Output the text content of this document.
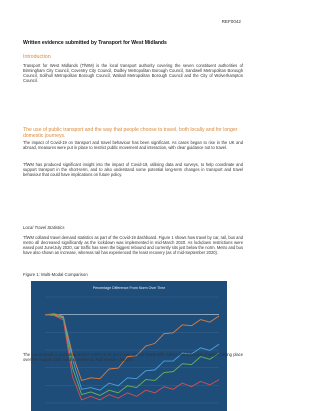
REF0042
Written evidence submitted by Transport for West Midlands
Introduction

Transport for West Midlands (TfWM) is the local transport authority covering the seven constituent authorities of Birmingham City Council, Coventry City Council, Dudley Metropolitan Borough Council, Sandwell Metropolitan Borough Council, Solihull Metropolitan Borough Council, Walsall Metropolitan Borough Council and the City of Wolverhampton Council.

The use of public transport and the way that people choose to travel, both locally and for longer domestic journeys.

The impact of Covid-19 on transport and travel behaviour has been significant. As cases began to rise in the UK and abroad, measures were put in place to restrict public movement and interaction, with clear guidance not to travel.

TfWM has produced significant insight into the impact of Covid-19, utilising data and surveys, to help coordinate and support transport in the short-term, and to also understand some potential long-term changes in transport and travel behaviour that could have implications on future policy.

Local Travel Statistics

TfWM collated travel demand statistics as part of the Covid-19 dashboard. Figure 1 shows how travel by car, rail, bus and metro all decreased significantly as the lockdown was implemented in mid-March 2020. As lockdown restrictions were eased post June/July 2020, car traffic has seen the biggest rebound and currently sits just below the norm. Metro and bus have also shown an increase, whereas rail has experienced the least recovery (as of mid-September 2020).

Figure 1: Multi-Modal Comparison
Percentage Difference From Norm Over Time

The bus network is operating at over 100% of its pre-covid service levels with substantial timetable changes taking place over the August bank holiday weekend. Rail service changes
